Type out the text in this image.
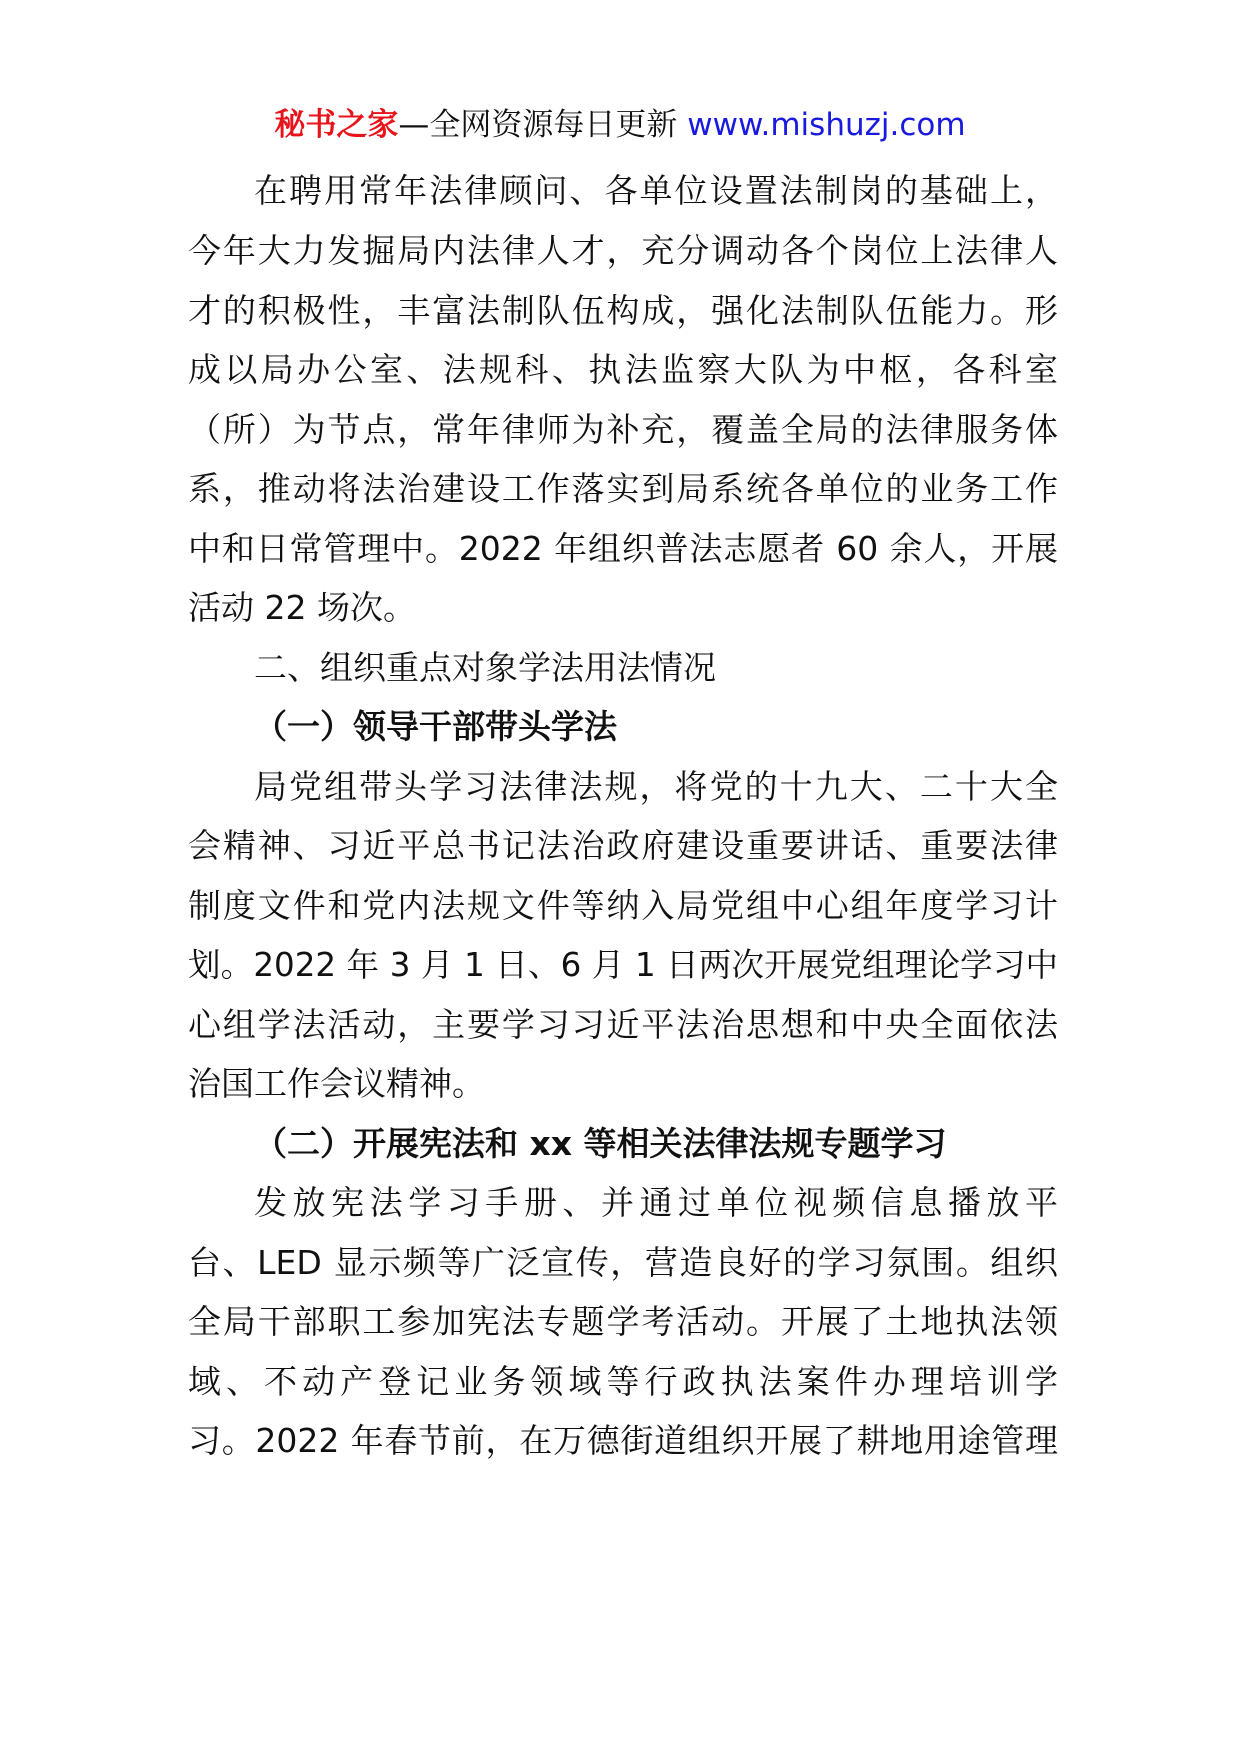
秘书之家—全网资源每日更新 www.mishuzj.com
在聘用常年法律顾问、各单位设置法制岗的基础上，
今年大力发掘局内法律人才，充分调动各个岗位上法律人
才的积极性，丰富法制队伍构成，强化法制队伍能力。形
成以局办公室、法规科、执法监察大队为中枢，各科室
（所）为节点，常年律师为补充，覆盖全局的法律服务体
系，推动将法治建设工作落实到局系统各单位的业务工作
中和日常管理中。2022 年组织普法志愿者 60 余人，开展
活动 22 场次。
二、组织重点对象学法用法情况
（一）领导干部带头学法
局党组带头学习法律法规，将党的十九大、二十大全
会精神、习近平总书记法治政府建设重要讲话、重要法律
制度文件和党内法规文件等纳入局党组中心组年度学习计
划。2022 年 3 月 1 日、6 月 1 日两次开展党组理论学习中
心组学法活动，主要学习习近平法治思想和中央全面依法
治国工作会议精神。
（二）开展宪法和 xx 等相关法律法规专题学习
发放宪法学习手册、并通过单位视频信息播放平
台、LED 显示频等广泛宣传，营造良好的学习氛围。组织
全局干部职工参加宪法专题学考活动。开展了土地执法领
域、不动产登记业务领域等行政执法案件办理培训学
习。2022 年春节前，在万德街道组织开展了耕地用途管理
